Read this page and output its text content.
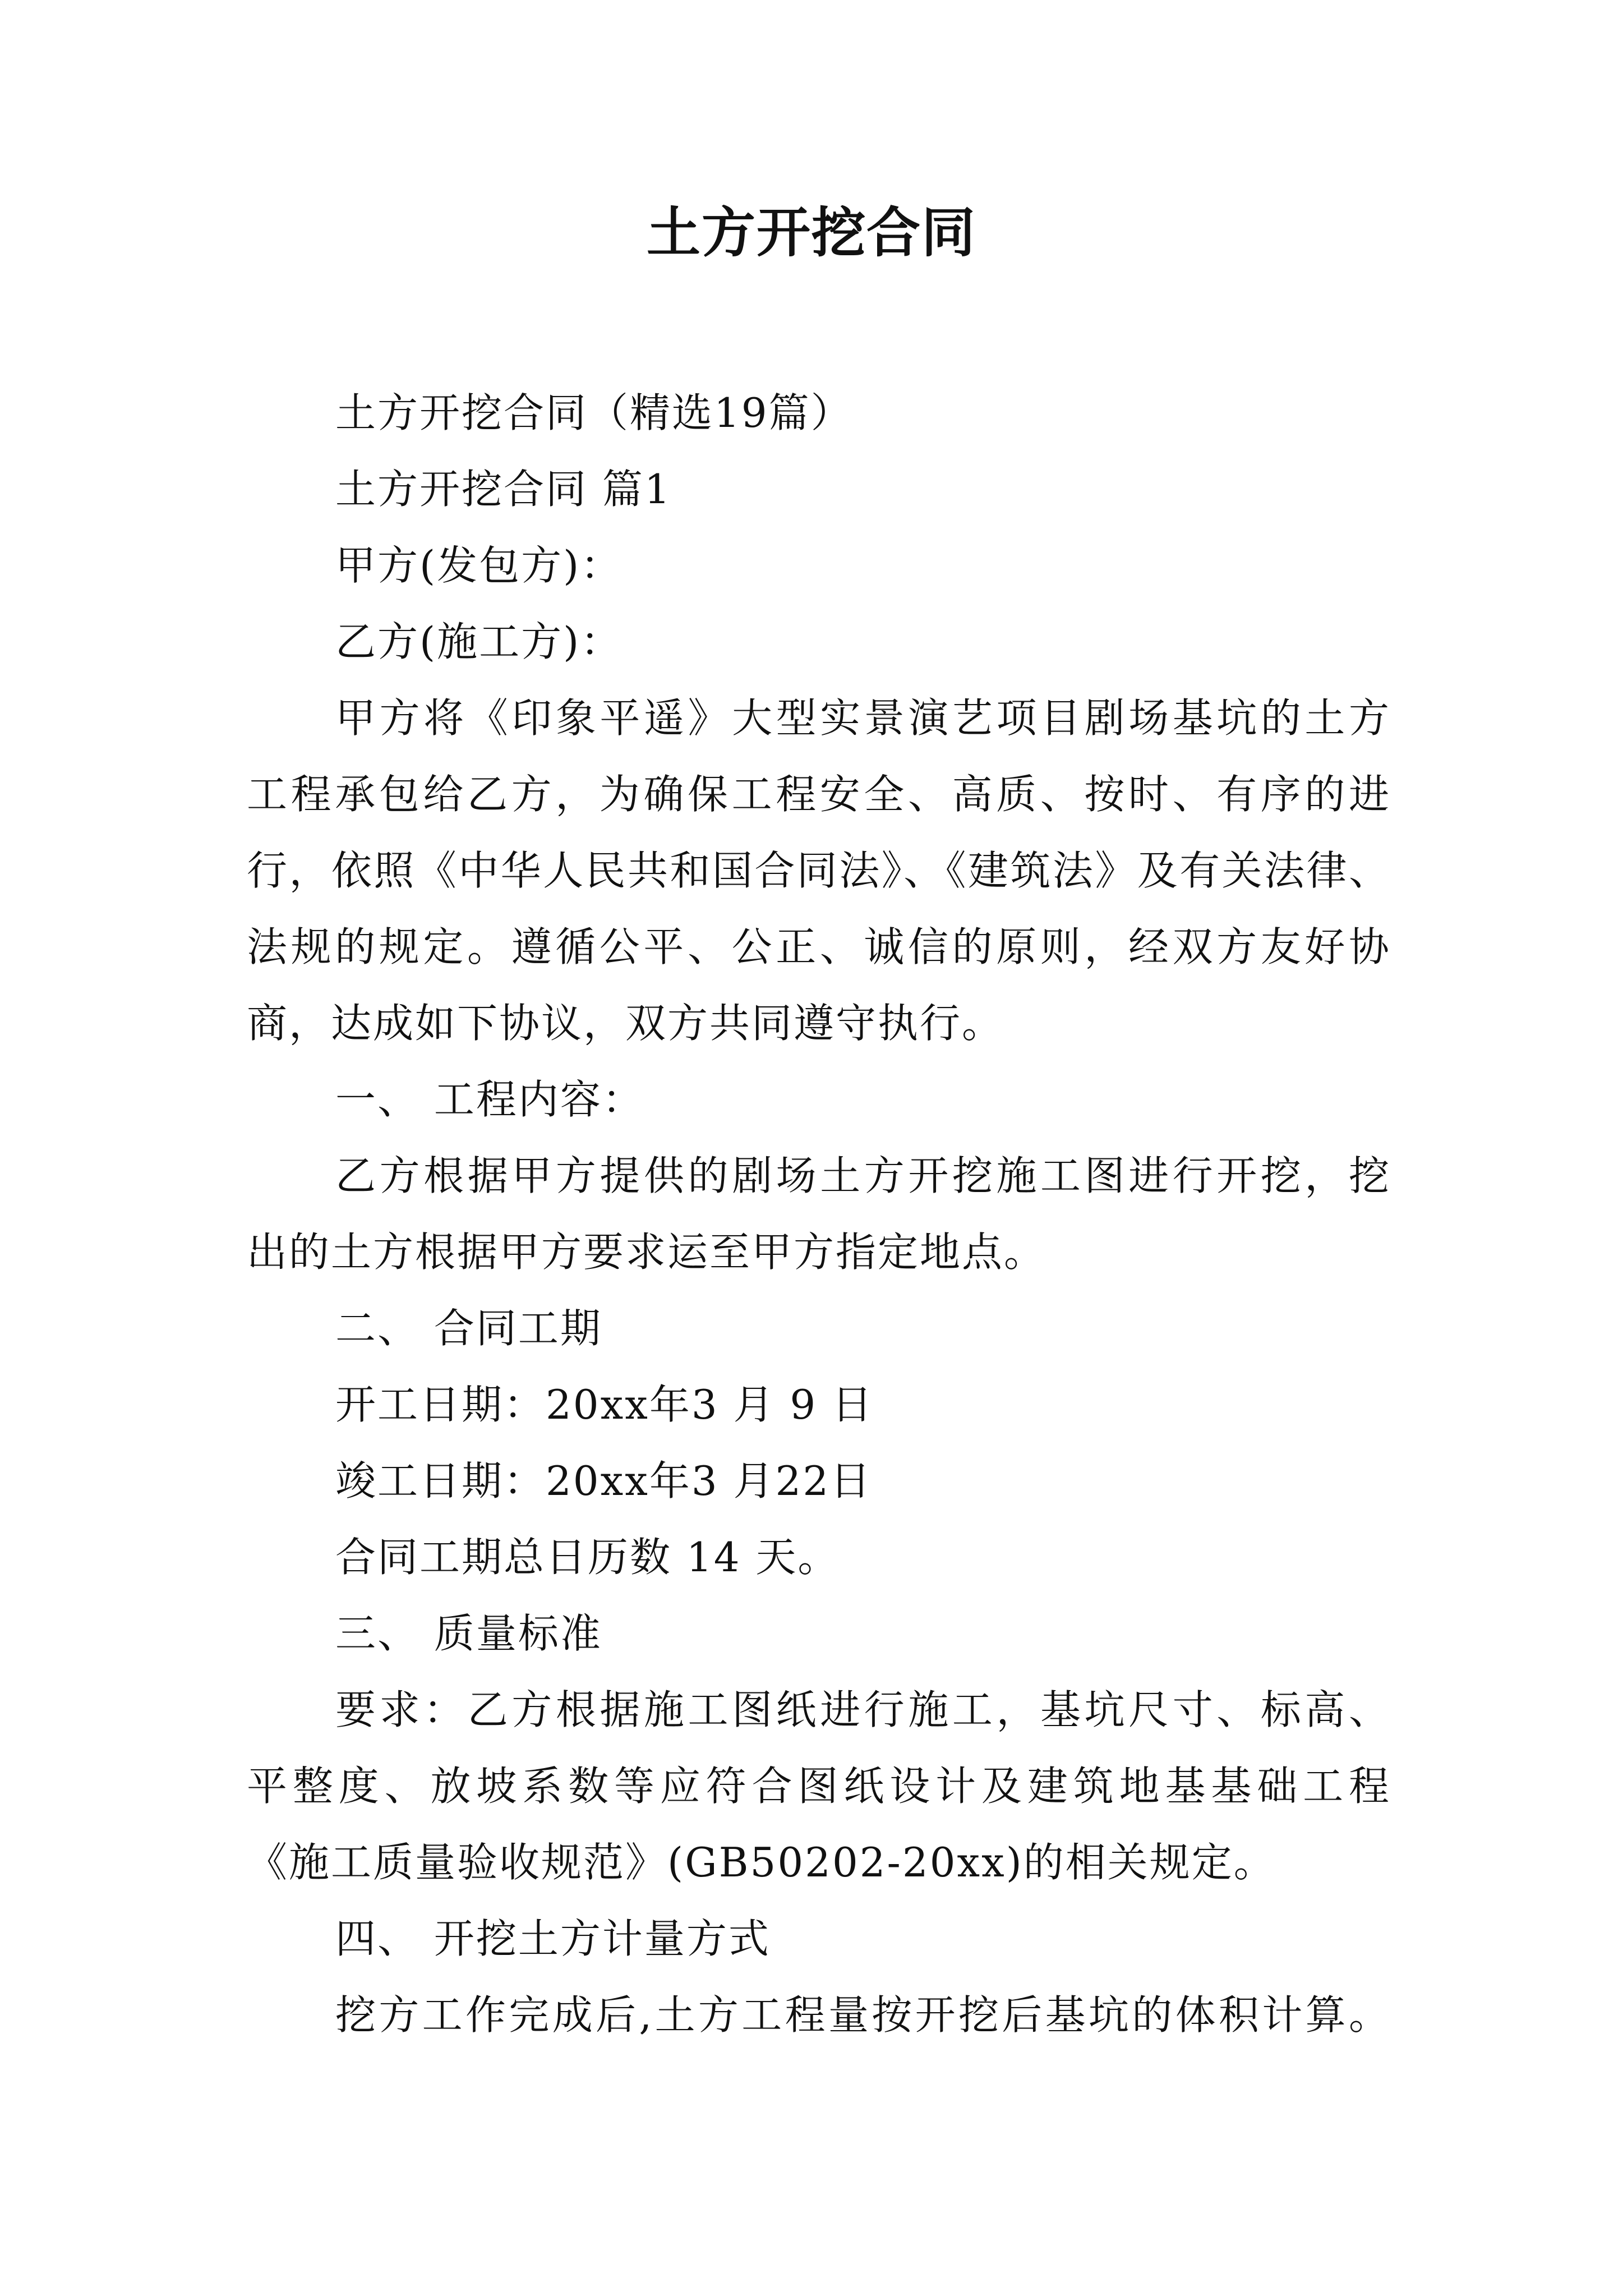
土方开挖合同
土方开挖合同（精选19篇）
土方开挖合同 篇1
甲方(发包方)：
乙方(施工方)：
甲方将《印象平遥》大型实景演艺项目剧场基坑的土方
工程承包给乙方，为确保工程安全、高质、按时、有序的进
行，依照《中华人民共和国合同法》、《建筑法》及有关法律、
法规的规定。遵循公平、公正、诚信的原则，经双方友好协
商，达成如下协议，双方共同遵守执行。
一、 工程内容：
乙方根据甲方提供的剧场土方开挖施工图进行开挖，挖
出的土方根据甲方要求运至甲方指定地点。
二、 合同工期
开工日期：20xx年3 月 9 日
竣工日期：20xx年3 月22日
合同工期总日历数 14 天。
三、 质量标准
要求：乙方根据施工图纸进行施工，基坑尺寸、标高、
平整度、放坡系数等应符合图纸设计及建筑地基基础工程
《施工质量验收规范》(GB50202-20xx)的相关规定。
四、 开挖土方计量方式
挖方工作完成后,土方工程量按开挖后基坑的体积计算。
